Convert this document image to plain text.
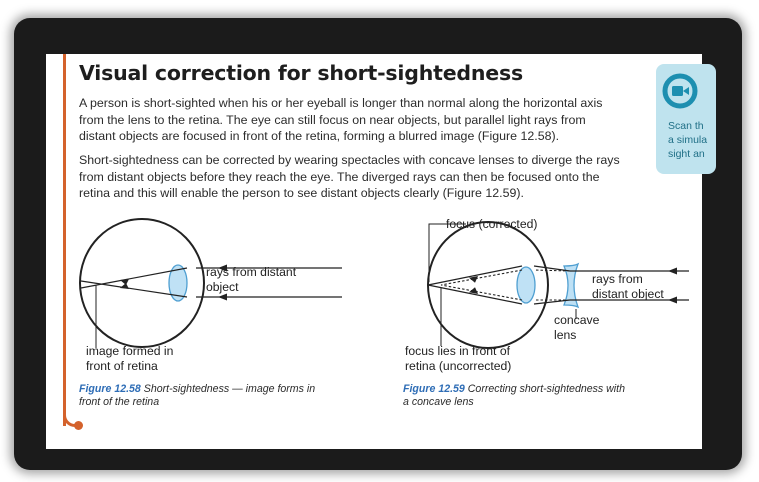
Visual correction for short-sightedness

A person is short-sighted when his or her eyeball is longer than normal along the horizontal axis from the lens to the retina. The eye can still focus on near objects, but parallel light rays from distant objects are focused in front of the retina, forming a blurred image (Figure 12.58).

Short-sightedness can be corrected by wearing spectacles with concave lenses to diverge the rays from distant objects before they reach the eye. The diverged rays can then be focused onto the retina and this will enable the person to see distant objects clearly (Figure 12.59).

Scan th
a simula
sight an
rays from distant
object
image formed in
front of retina
focus (corrected)
rays from
distant object
concave
lens
focus lies in front of
retina (uncorrected)
Figure 12.58 Short-sightedness — image forms in front of the retina
Figure 12.59 Correcting short-sightedness with a concave lens
